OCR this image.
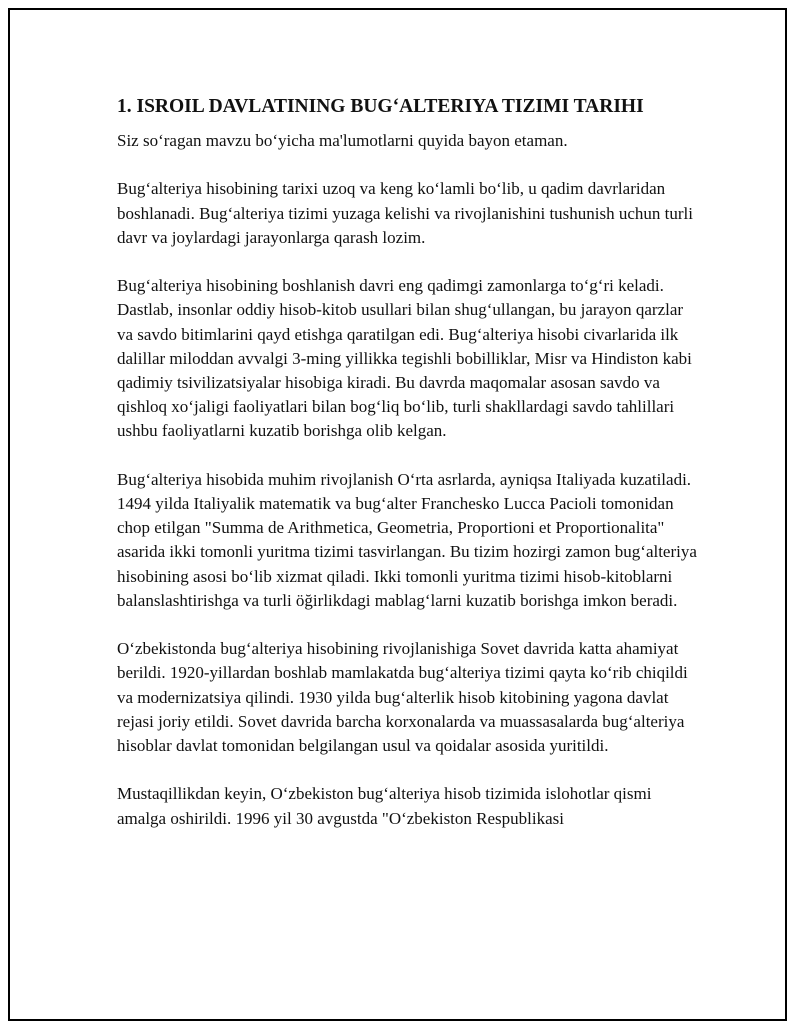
1. ISROIL DAVLATINING BUG‘ALTERIYA TIZIMI TARIHI

Siz so‘ragan mavzu bo‘yicha ma'lumotlarni quyida bayon etaman.

Bug‘alteriya hisobining tarixi uzoq va keng ko‘lamli bo‘lib, u qadim davrlaridan boshlanadi. Bug‘alteriya tizimi yuzaga kelishi va rivojlanishini tushunish uchun turli davr va joylardagi jarayonlarga qarash lozim.

Bug‘alteriya hisobining boshlanish davri eng qadimgi zamonlarga to‘g‘ri keladi. Dastlab, insonlar oddiy hisob-kitob usullari bilan shug‘ullangan, bu jarayon qarzlar va savdo bitimlarini qayd etishga qaratilgan edi. Bug‘alteriya hisobi civarlarida ilk dalillar miloddan avvalgi 3-ming yillikka tegishli bobilliklar, Misr va Hindiston kabi qadimiy tsivilizatsiyalar hisobiga kiradi. Bu davrda maqomalar asosan savdo va qishloq xo‘jaligi faoliyatlari bilan bog‘liq bo‘lib, turli shakllardagi savdo tahlillari ushbu faoliyatlarni kuzatib borishga olib kelgan.

Bug‘alteriya hisobida muhim rivojlanish O‘rta asrlarda, ayniqsa Italiyada kuzatiladi. 1494 yilda Italiyalik matematik va bug‘alter Francheskо Lucca Pacioli tomonidan chop etilgan "Summa de Arithmetica, Geometria, Proportioni et Proportionalita" asarida ikki tomonli yuritma tizimi tasvirlangan. Bu tizim hozirgi zamon bug‘alteriya hisobining asosi bo‘lib xizmat qiladi. Ikki tomonli yuritma tizimi hisob-kitoblarni balanslashtirishga va turli öğirlikdagi mablag‘larni kuzatib borishga imkon beradi.

O‘zbekistonda bug‘alteriya hisobining rivojlanishiga Sovet davrida katta ahamiyat berildi. 1920-yillardan boshlab mamlakatda bug‘alteriya tizimi qayta ko‘rib chiqildi va modernizatsiya qilindi. 1930 yilda bug‘alterlik hisob kitobining yagona davlat rejasi joriy etildi. Sovet davrida barcha korxonalarda va muassasalarda bug‘alteriya hisoblar davlat tomonidan belgilangan usul va qoidalar asosida yuritildi.

Mustaqillikdan keyin, O‘zbekiston bug‘alteriya hisob tizimida islohotlar qismi amalga oshirildi. 1996 yil 30 avgustda "O‘zbekiston Respublikasi
